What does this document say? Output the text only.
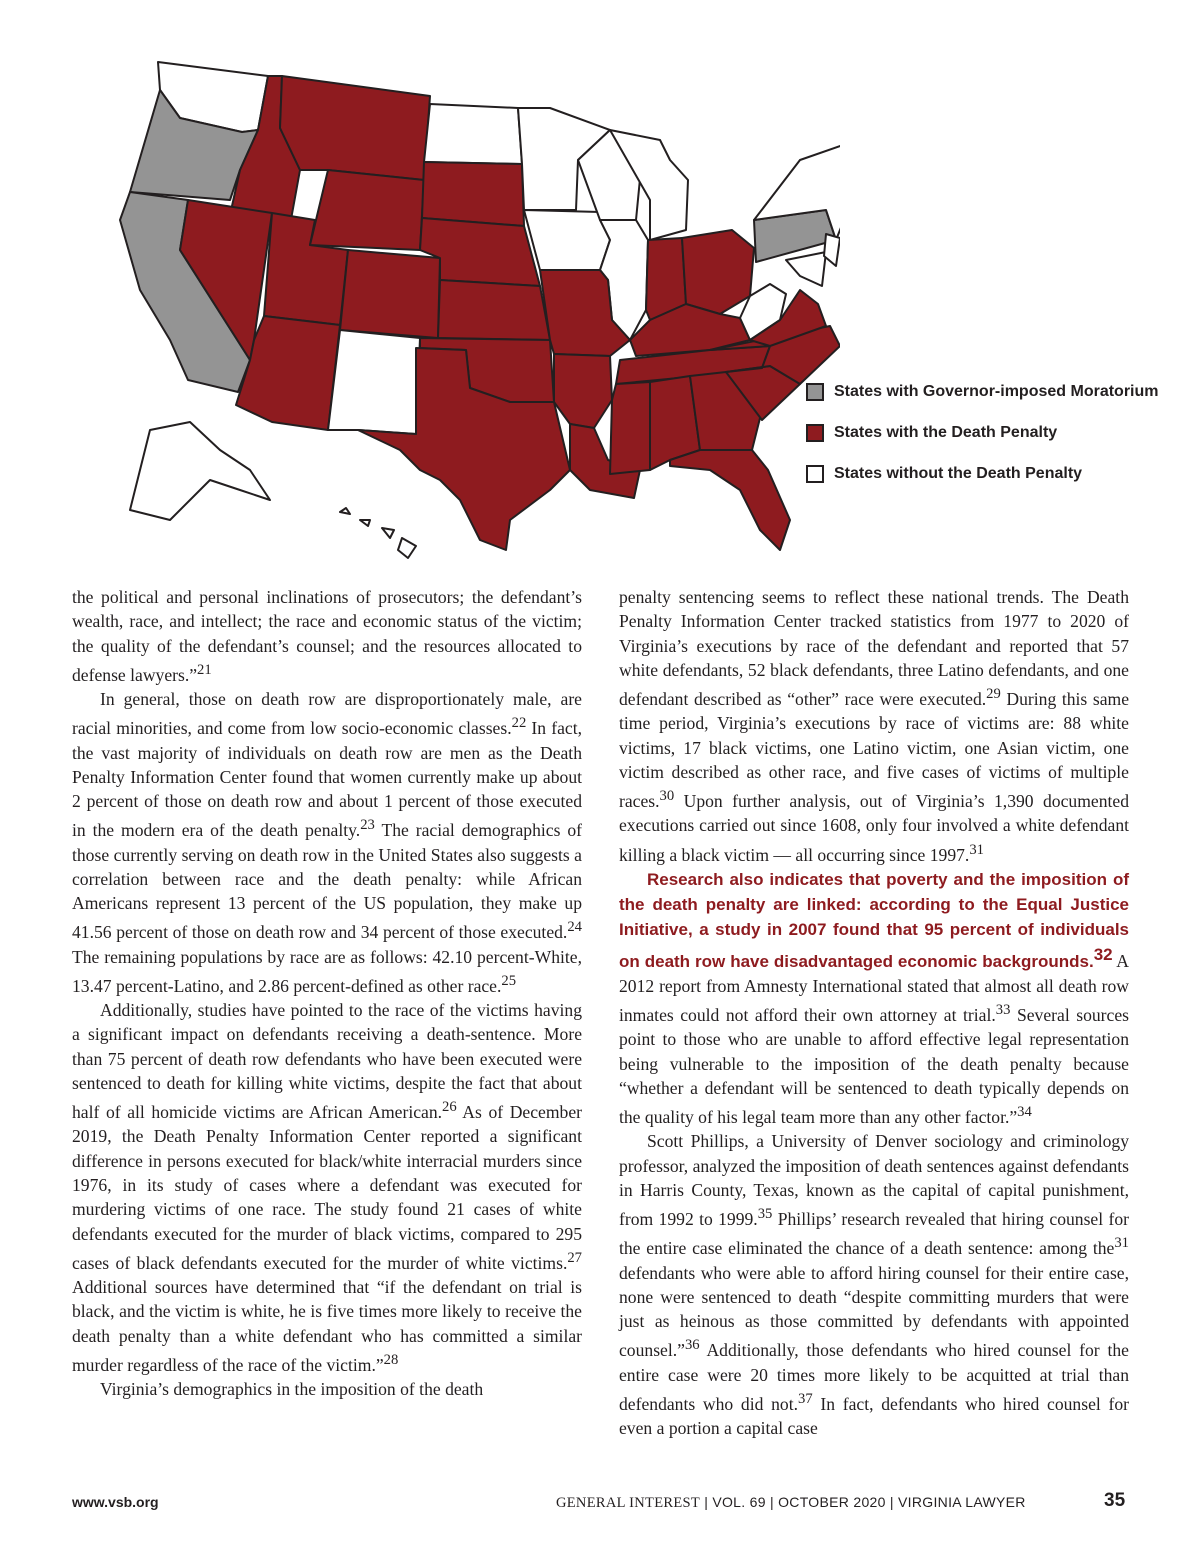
States with Governor-imposed Moratorium
States with the Death Penalty
States without the Death Penalty

the political and personal inclinations of prosecutors; the defendant’s wealth, race, and intellect; the race and economic status of the victim; the quality of the defendant’s counsel; and the resources allocated to defense lawyers.”$^{21}$

In general, those on death row are disproportionately male, are racial minorities, and come from low socio-economic classes.$^{22}$ In fact, the vast majority of individuals on death row are men as the Death Penalty Information Center found that women currently make up about 2 percent of those on death row and about 1 percent of those executed in the modern era of the death penalty.$^{23}$ The racial demographics of those currently serving on death row in the United States also suggests a correlation between race and the death penalty: while African Americans represent 13 percent of the US population, they make up 41.56 percent of those on death row and 34 percent of those executed.$^{24}$ The remaining populations by race are as follows: 42.10 percent-White, 13.47 percent-Latino, and 2.86 percent-defined as other race.$^{25}$

Additionally, studies have pointed to the race of the victims having a significant impact on defendants receiving a death-sentence. More than 75 percent of death row defendants who have been executed were sentenced to death for killing white victims, despite the fact that about half of all homicide victims are African American.$^{26}$ As of December 2019, the Death Penalty Information Center reported a significant difference in persons executed for black/white interracial murders since 1976, in its study of cases where a defendant was executed for murdering victims of one race. The study found 21 cases of white defendants executed for the murder of black victims, compared to 295 cases of black defendants executed for the murder of white victims.$^{27}$ Additional sources have determined that “if the defendant on trial is black, and the victim is white, he is five times more likely to receive the death penalty than a white defendant who has committed a similar murder regardless of the race of the victim.”$^{28}$

Virginia’s demographics in the imposition of the death

penalty sentencing seems to reflect these national trends. The Death Penalty Information Center tracked statistics from 1977 to 2020 of Virginia’s executions by race of the defendant and reported that 57 white defendants, 52 black defendants, three Latino defendants, and one defendant described as “other” race were executed.$^{29}$ During this same time period, Virginia’s executions by race of victims are: 88 white victims, 17 black victims, one Latino victim, one Asian victim, one victim described as other race, and five cases of victims of multiple races.$^{30}$ Upon further analysis, out of Virginia’s 1,390 documented executions carried out since 1608, only four involved a white defendant killing a black victim — all occurring since 1997.31

Research also indicates that poverty and the imposition of the death penalty are linked: according to the Equal Justice Initiative, a study in 2007 found that 95 percent of individuals on death row have disadvantaged economic backgrounds.$^{32}$ A 2012 report from Amnesty International stated that almost all death row inmates could not afford their own attorney at trial.$^{33}$ Several sources point to those who are unable to afford effective legal representation being vulnerable to the imposition of the death penalty because “whether a defendant will be sentenced to death typically depends on the quality of his legal team more than any other factor.”$^{34}$

Scott Phillips, a University of Denver sociology and criminology professor, analyzed the imposition of death sentences against defendants in Harris County, Texas, known as the capital of capital punishment, from 1992 to 1999.35 Phillips’ research revealed that hiring counsel for the entire case eliminated the chance of a death sentence: among the$^{31}$ defendants who were able to afford hiring counsel for their entire case, none were sentenced to death “despite committing murders that were just as heinous as those committed by defendants with appointed counsel.”$^{36}$ Additionally, those defendants who hired counsel for the entire case were 20 times more likely to be acquitted at trial than defendants who did not.$^{37}$ In fact, defendants who hired counsel for even a portion a capital case

www.vsb.org	GENERAL INTEREST | VOL. 69 | OCTOBER 2020 | VIRGINIA LAWYER	35
